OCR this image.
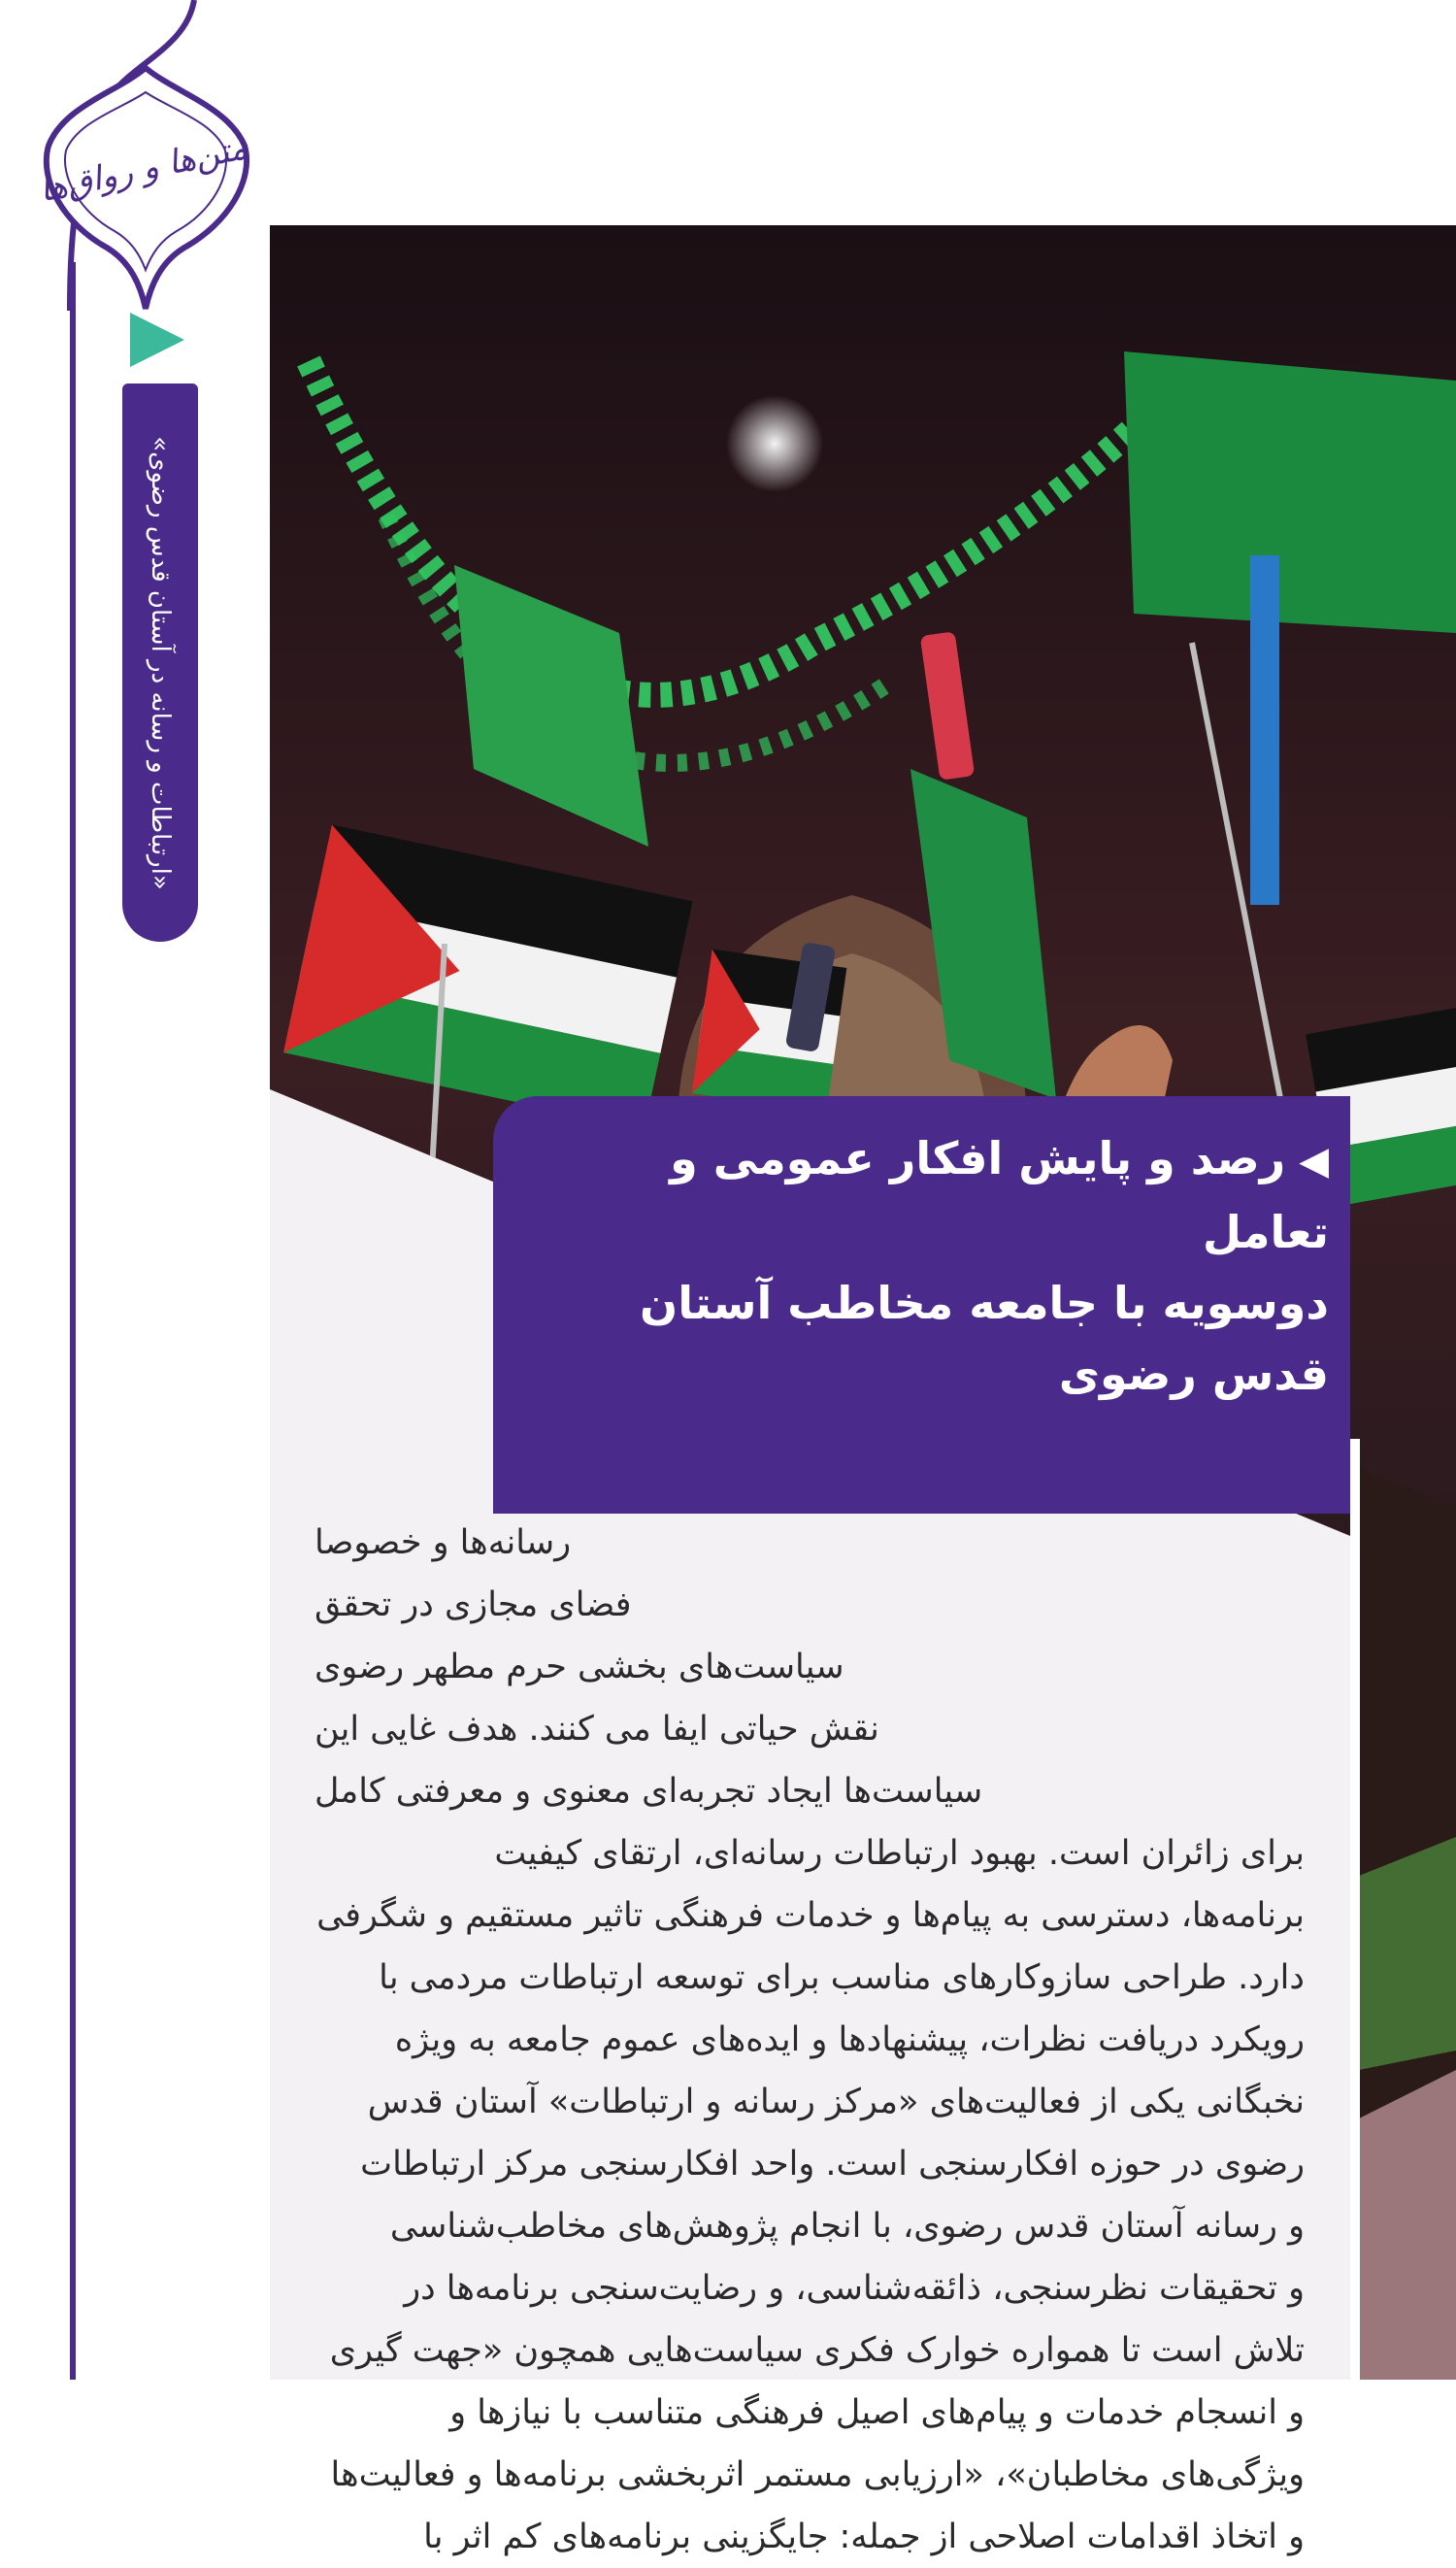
متن‌ها و رواق‌ها
«ارتباطات و رسانه در آستان قدس رضوی»
◀رصد و پایش افکار عمومی و تعامل
دوسویه با جامعه مخاطب آستان
قدس رضوی
رسانه‌ها و خصوصا
فضای مجازی در تحقق
سیاست‌های بخشی حرم مطهر رضوی
نقش حیاتی ایفا می کنند. هدف غایی این
سیاست‌ها ایجاد تجربه‌ای معنوی و معرفتی کامل
برای زائران است. بهبود ارتباطات رسانه‌ای، ارتقای کیفیت
برنامه‌ها، دسترسی به پیام‌ها و خدمات فرهنگی تاثیر مستقیم و شگرفی
دارد. طراحی سازوکارهای مناسب برای توسعه ارتباطات مردمی با
رویکرد دریافت نظرات، پیشنهادها و ایده‌های عموم جامعه به ویژه
نخبگانی یکی از فعالیت‌های «مرکز رسانه و ارتباطات» آستان قدس
رضوی در حوزه افکارسنجی است. واحد افکارسنجی مرکز ارتباطات
و رسانه آستان قدس رضوی، با انجام پژوهش‌های مخاطب‌شناسی
و تحقیقات نظرسنجی، ذائقه‌شناسی، و رضایت‌سنجی برنامه‌ها در
تلاش است تا همواره خوارک فکری سیاست‌هایی همچون «جهت گیری
و انسجام خدمات و پیام‌های اصیل فرهنگی متناسب با نیازها و
ویژگی‌های مخاطبان»، «ارزیابی مستمر اثربخشی برنامه‌ها و فعالیت‌ها
و اتخاذ اقدامات اصلاحی از جمله: جایگزینی برنامه‌های کم اثر با
